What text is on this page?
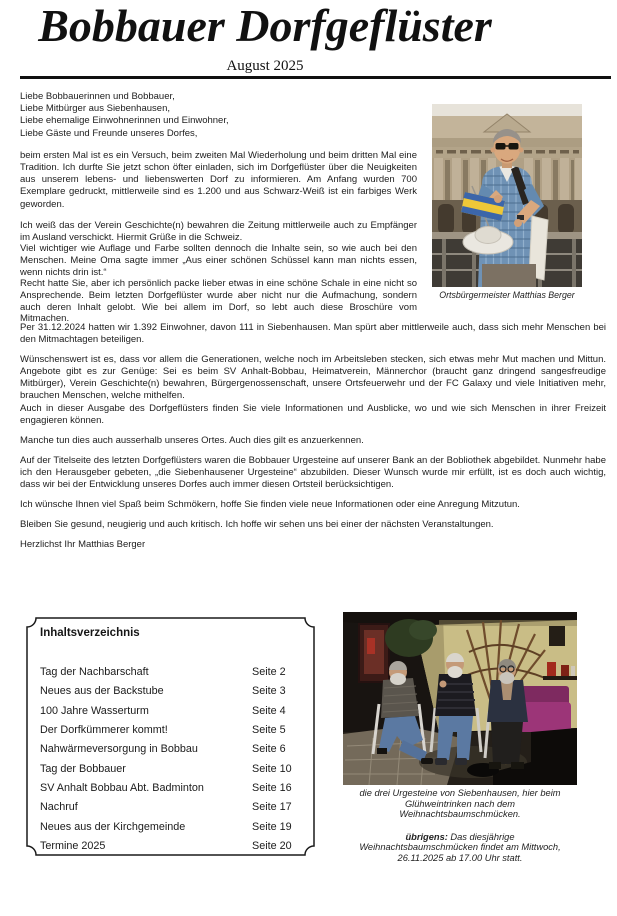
Bobbauer Dorfgeflüster
August 2025
Liebe Bobbauerinnen und Bobbauer,
Liebe Mitbürger aus Siebenhausen,
Liebe ehemalige Einwohnerinnen und Einwohner,
Liebe Gäste und Freunde unseres Dorfes,

beim ersten Mal ist es ein Versuch, beim zweiten Mal Wiederholung und beim dritten Mal eine Tradition. Ich durfte Sie jetzt schon öfter einladen, sich im Dorfgeflüster über die Neuigkeiten aus unserem lebens- und liebenswerten Dorf zu informieren. Am Anfang wurden 700 Exemplare gedruckt, mittlerweile sind es 1.200 und aus Schwarz-Weiß ist ein farbiges Werk geworden.

Ich weiß das der Verein Geschichte(n) bewahren die Zeitung mittlerweile auch zu Empfänger im Ausland verschickt. Hiermit Grüße in die Schweiz.

Viel wichtiger wie Auflage und Farbe sollten dennoch die Inhalte sein, so wie auch bei den Menschen. Meine Oma sagte immer „Aus einer schönen Schüssel kann man nichts essen, wenn nichts drin ist.“

Recht hatte Sie, aber ich persönlich packe lieber etwas in eine schöne Schale in eine nicht so Ansprechende. Beim letzten Dorfgeflüster wurde aber nicht nur die Aufmachung, sondern auch deren Inhalt gelobt. Wie bei allem im Dorf, so lebt auch diese Broschüre vom Mitmachen.

Ortsbürgermeister Matthias Berger

Per 31.12.2024 hatten wir 1.392 Einwohner, davon 111 in Siebenhausen. Man spürt aber mittlerweile auch, dass sich mehr Menschen bei den Mitmachtagen beteiligen.

Wünschenswert ist es, dass vor allem die Generationen, welche noch im Arbeitsleben stecken, sich etwas mehr Mut machen und Mittun. Angebote gibt es zur Genüge: Sei es beim SV Anhalt-Bobbau, Heimatverein, Männerchor (braucht ganz dringend sangesfreudige Mitbürger), Verein Geschichte(n) bewahren, Bürgergenossenschaft, unsere Ortsfeuerwehr und der FC Galaxy und viele Initiativen mehr, brauchen Menschen, welche mithelfen.

Auch in dieser Ausgabe des Dorfgeflüsters finden Sie viele Informationen und Ausblicke, wo und wie sich Menschen in ihrer Freizeit engagieren können.

Manche tun dies auch ausserhalb unseres Ortes. Auch dies gilt es anzuerkennen.

Auf der Titelseite des letzten Dorfgeflüsters waren die Bobbauer Urgesteine auf unserer Bank an der Bobliothek abgebildet. Nunmehr habe ich den Herausgeber gebeten, „die Siebenhausener Urgesteine“ abzubilden. Dieser Wunsch wurde mir erfüllt, ist es doch auch wichtig, dass wir bei der Entwicklung unseres Dorfes auch immer diesen Ortsteil berücksichtigen.

Ich wünsche Ihnen viel Spaß beim Schmökern, hoffe Sie finden viele neue Informationen oder eine Anregung Mitzutun.

Bleiben Sie gesund, neugierig und auch kritisch. Ich hoffe wir sehen uns bei einer der nächsten Veranstaltungen.

Herzlichst Ihr Matthias Berger

Inhaltsverzeichnis
Tag der Nachbarschaft	Seite 2
Neues aus der Backstube	Seite 3
100 Jahre Wasserturm	Seite 4
Der Dorfkümmerer kommt!	Seite 5
Nahwärmeversorgung in Bobbau	Seite 6
Tag der Bobbauer	Seite 10
SV Anhalt Bobbau Abt. Badminton	Seite 16
Nachruf	Seite 17
Neues aus der Kirchgemeinde	Seite 19
Termine 2025	Seite 20
die drei Urgesteine von Siebenhausen, hier beim
Glühweintrinken nach dem
Weihnachtsbaumschmücken.
übrigens: Das diesjährige
Weihnachtsbaumschmücken findet am Mittwoch,
26.11.2025 ab 17.00 Uhr statt.
